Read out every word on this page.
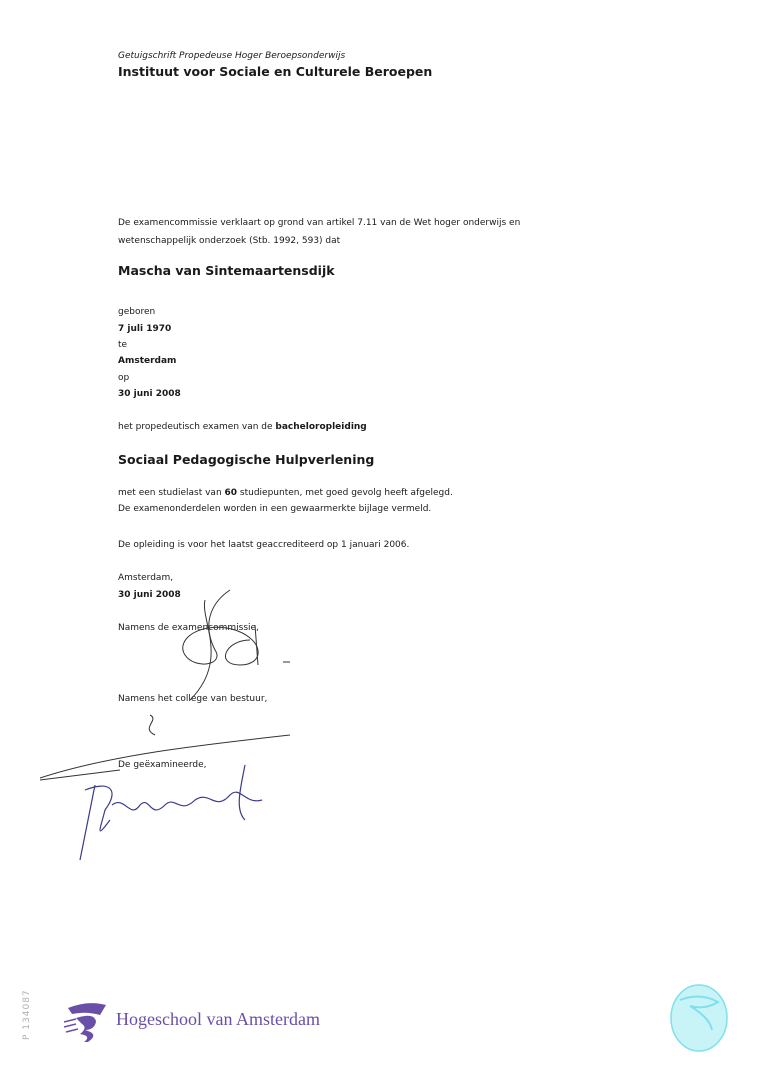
Getuigschrift Propedeuse Hoger Beroepsonderwijs
Instituut voor Sociale en Culturele Beroepen
De examencommissie verklaart op grond van artikel 7.11 van de Wet hoger onderwijs en
wetenschappelijk onderzoek (Stb. 1992, 593) dat
Mascha van Sintemaartensdijk
geboren
7 juli 1970
te
Amsterdam
op
30 juni 2008
het propedeutisch examen van de bacheloropleiding
Sociaal Pedagogische Hulpverlening
met een studielast van 60 studiepunten, met goed gevolg heeft afgelegd.
De examenonderdelen worden in een gewaarmerkte bijlage vermeld.
De opleiding is voor het laatst geaccrediteerd op 1 januari 2006.
Amsterdam,
30 juni 2008
Namens de examencommissie,
Namens het college van bestuur,
De geëxamineerde,
P 134087	Hogeschool van Amsterdam
